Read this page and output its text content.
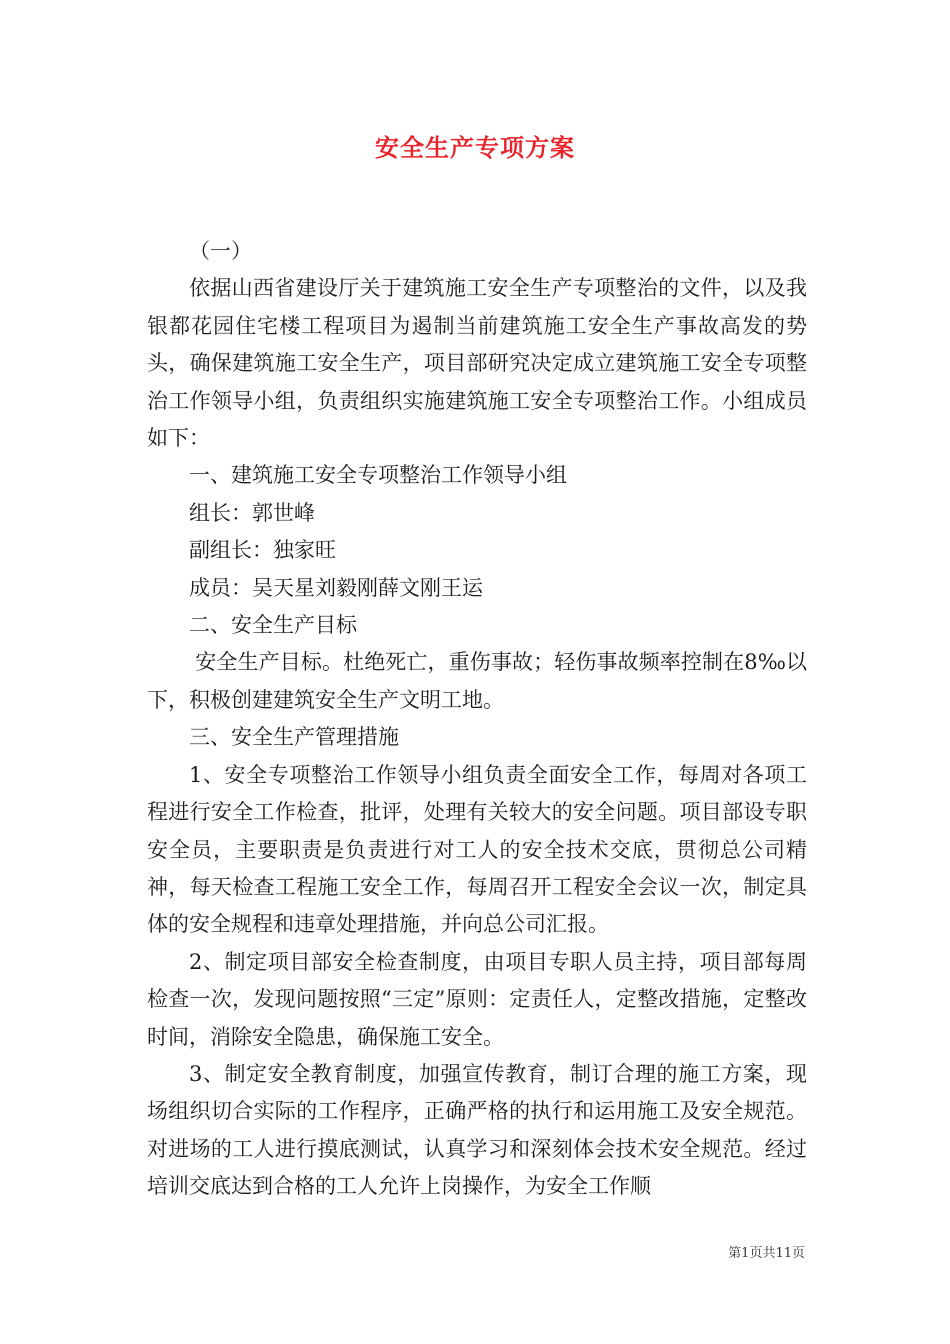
安全生产专项方案

（一）

依据山西省建设厅关于建筑施工安全生产专项整治的文件，以及我银都花园住宅楼工程项目为遏制当前建筑施工安全生产事故高发的势头，确保建筑施工安全生产，项目部研究决定成立建筑施工安全专项整治工作领导小组，负责组织实施建筑施工安全专项整治工作。小组成员如下：

一、建筑施工安全专项整治工作领导小组

组长：郭世峰

副组长：独家旺

成员：吴天星刘毅刚薛文刚王运

二、安全生产目标

安全生产目标。杜绝死亡，重伤事故；轻伤事故频率控制在8‰以下，积极创建建筑安全生产文明工地。

三、安全生产管理措施

1、安全专项整治工作领导小组负责全面安全工作，每周对各项工程进行安全工作检查，批评，处理有关较大的安全问题。项目部设专职安全员，主要职责是负责进行对工人的安全技术交底，贯彻总公司精神，每天检查工程施工安全工作，每周召开工程安全会议一次，制定具体的安全规程和违章处理措施，并向总公司汇报。

2、制定项目部安全检查制度，由项目专职人员主持，项目部每周检查一次，发现问题按照“三定”原则：定责任人，定整改措施，定整改时间，消除安全隐患，确保施工安全。

3、制定安全教育制度，加强宣传教育，制订合理的施工方案，现场组织切合实际的工作程序，正确严格的执行和运用施工及安全规范。对进场的工人进行摸底测试，认真学习和深刻体会技术安全规范。经过培训交底达到合格的工人允许上岗操作，为安全工作顺

第1页共11页
